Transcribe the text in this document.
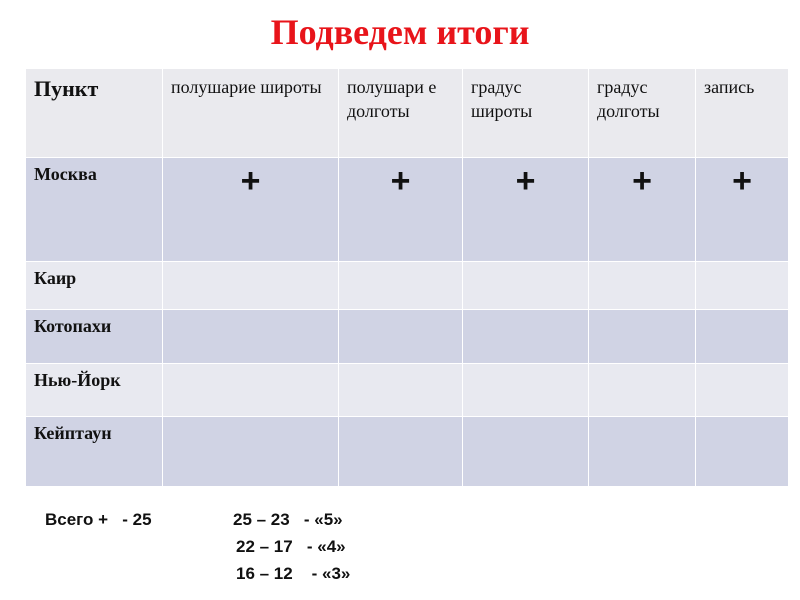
Подведем итоги
Пункт	полушарие широты	полушари е долготы	градус широты	градус долготы	запись

Москва	+	+	+	+	+

Каир					

Котопахи					

Нью-Йорк					

Кейптаун					

Всего +   - 25	25 – 23   - «5»
22 – 17   - «4»
16 – 12    - «3»
